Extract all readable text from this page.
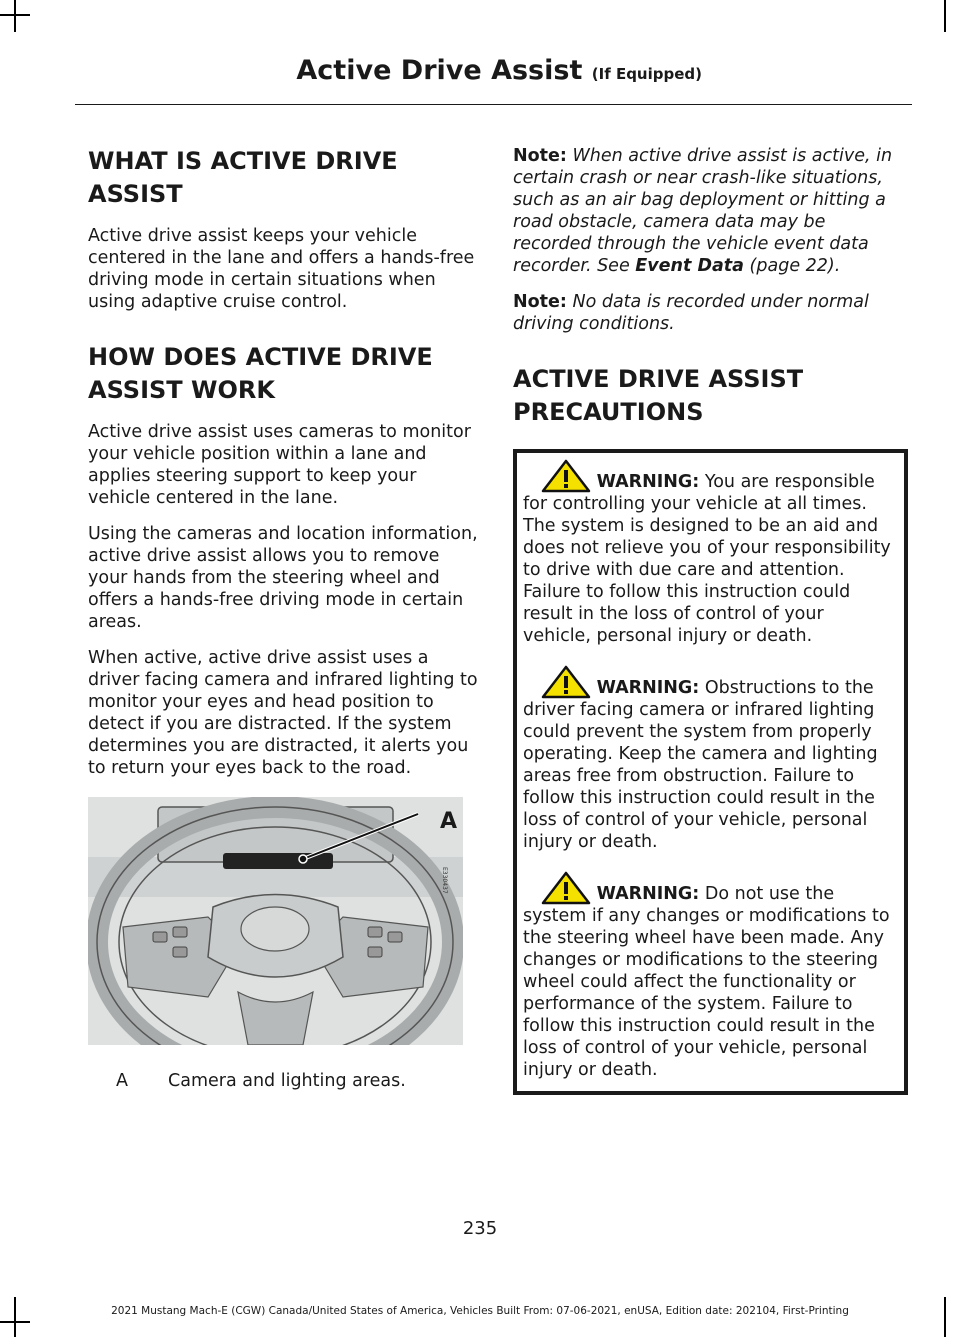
Active Drive Assist (If Equipped)
WHAT IS ACTIVE DRIVE ASSIST

Active drive assist keeps your vehicle centered in the lane and offers a hands-free driving mode in certain situations when using adaptive cruise control.

HOW DOES ACTIVE DRIVE ASSIST WORK

Active drive assist uses cameras to monitor your vehicle position within a lane and applies steering support to keep your vehicle centered in the lane.

Using the cameras and location information, active drive assist allows you to remove your hands from the steering wheel and offers a hands-free driving mode in certain areas.

When active, active drive assist uses a driver facing camera and infrared lighting to monitor your eyes and head position to detect if you are distracted. If the system determines you are distracted, it alerts you to return your eyes back to the road.

A
E330437
A Camera and lighting areas.

Note: When active drive assist is active, in certain crash or near crash-like situations, such as an air bag deployment or hitting a road obstacle, camera data may be recorded through the vehicle event data recorder. See Event Data (page 22).

Note: No data is recorded under normal driving conditions.

ACTIVE DRIVE ASSIST PRECAUTIONS

WARNING: You are responsible for controlling your vehicle at all times. The system is designed to be an aid and does not relieve you of your responsibility to drive with due care and attention. Failure to follow this instruction could result in the loss of control of your vehicle, personal injury or death.

WARNING: Obstructions to the driver facing camera or infrared lighting could prevent the system from properly operating. Keep the camera and lighting areas free from obstruction. Failure to follow this instruction could result in the loss of control of your vehicle, personal injury or death.

WARNING: Do not use the system if any changes or modifications to the steering wheel have been made. Any changes or modifications to the steering wheel could affect the functionality or performance of the system. Failure to follow this instruction could result in the loss of control of your vehicle, personal injury or death.

235
2021 Mustang Mach-E (CGW) Canada/United States of America, Vehicles Built From: 07-06-2021, enUSA, Edition date: 202104, First-Printing
